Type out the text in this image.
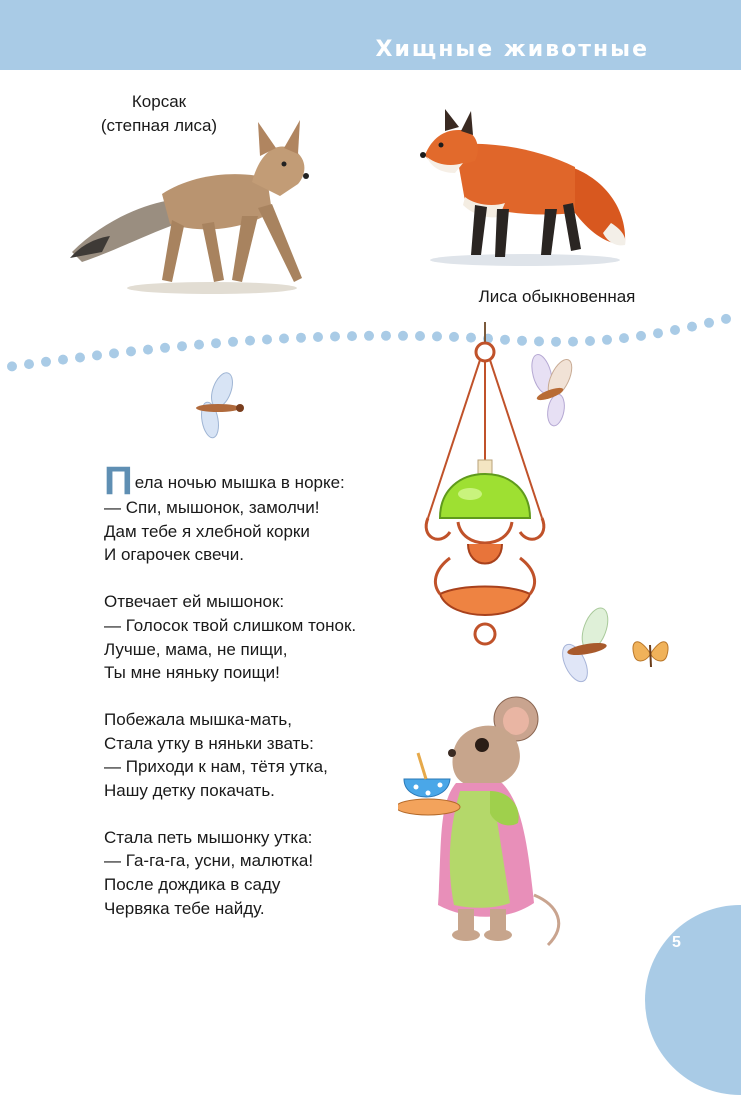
Хищные животные
Корсак
(степная лиса)
Лиса обыкновенная
Пела ночью мышка в норке:
— Спи, мышонок, замолчи!
Дам тебе я хлебной корки
И огарочек свечи.
Отвечает ей мышонок:
— Голосок твой слишком тонок.
Лучше, мама, не пищи,
Ты мне няньку поищи!
Побежала мышка-мать,
Стала утку в няньки звать:
— Приходи к нам, тётя утка,
Нашу детку покачать.
Стала петь мышонку утка:
— Га-га-га, усни, малютка!
После дождика в саду
Червяка тебе найду.
5
